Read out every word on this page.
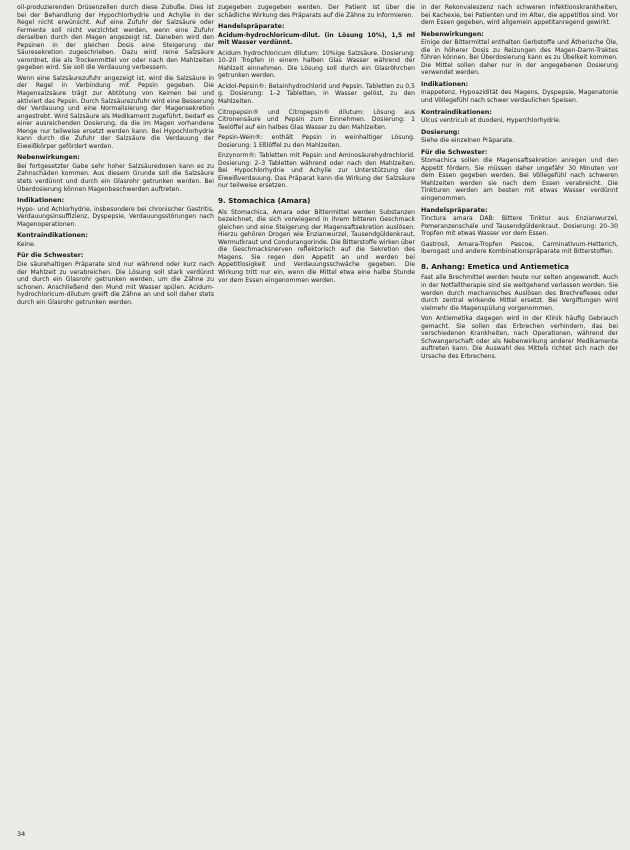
oil-produzierenden Drüsenzellen durch diese Zubuße. Dies ist bei der Behandlung der Hypochlorhydrie und Achylie in der Regel nicht erwünscht. Auf eine Zufuhr der Salzsäure oder Fermente soll nicht verzichtet werden, wenn eine Zufuhr derselben durch den Magen angezeigt ist. Daneben wird den Pepsinen in der gleichen Dosis eine Steigerung der Säuresekretion zugeschrieben. Dazu wird reine Salzsäure verordnet, die als Trockenmittel vor oder nach den Mahlzeiten gegeben wird. Sie soll die Verdauung verbessern.

Wenn eine Salzsäurezufuhr angezeigt ist, wird die Salzsäure in der Regel in Verbindung mit Pepsin gegeben. Die Magensalzsäure trägt zur Abtötung von Keimen bei und aktiviert das Pepsin. Durch Salzsäurezufuhr wird eine Besserung der Verdauung und eine Normalisierung der Magensekretion angestrebt. Wird Salzsäure als Medikament zugeführt, bedarf es einer ausreichenden Dosierung, da die im Magen vorhandene Menge nur teilweise ersetzt werden kann. Bei Hypochlorhydrie kann durch die Zufuhr der Salzsäure die Verdauung der Eiweißkörper gefördert werden.

Nebenwirkungen:

Bei fortgesetzter Gabe sehr hoher Salzsäuredosen kann es zu Zahnschäden kommen. Aus diesem Grunde soll die Salzsäure stets verdünnt und durch ein Glasrohr getrunken werden. Bei Überdosierung können Magenbeschwerden auftreten.

Indikationen:

Hypo- und Achlorhydrie, insbesondere bei chronischer Gastritis, Verdauungsinsuffizienz, Dyspepsie, Verdauungsstörungen nach Magenoperationen.

Kontraindikationen:

Keine.

Für die Schwester:

Die säurehaltigen Präparate sind nur während oder kurz nach der Mahlzeit zu verabreichen. Die Lösung soll stark verdünnt und durch ein Glasrohr getrunken werden, um die Zähne zu schonen. Anschließend den Mund mit Wasser spülen. Acidum-hydrochloricum-dilutum greift die Zähne an und soll daher stets durch ein Glasrohr getrunken werden.

zugegeben zugegeben werden. Der Patient ist über die schädliche Wirkung des Präparats auf die Zähne zu informieren.

Handelspräparate:

Acidum-hydrochloricum-dilut. (in Lösung 10%), 1,5 ml mit Wasser verdünnt.

Acidum hydrochloricum dilutum: 10%ige Salzsäure. Dosierung: 10–20 Tropfen in einem halben Glas Wasser während der Mahlzeit einnehmen. Die Lösung soll durch ein Glasröhrchen getrunken werden.

Acidol-Pepsin®: Betainhydrochlorid und Pepsin. Tabletten zu 0,5 g. Dosierung: 1–2 Tabletten, in Wasser gelöst, zu den Mahlzeiten.

Citropepsin® und Citropepsin® dilutum: Lösung aus Citronensäure und Pepsin zum Einnehmen. Dosierung: 1 Teelöffel auf ein halbes Glas Wasser zu den Mahlzeiten.

Pepsin-Wein®: enthält Pepsin in weinhaltiger Lösung. Dosierung: 1 Eßlöffel zu den Mahlzeiten.

Enzynorm®: Tabletten mit Pepsin und Aminosäurehydrochlorid. Dosierung: 2–3 Tabletten während oder nach den Mahlzeiten. Bei Hypochlorhydrie und Achylie zur Unterstützung der Eiweißverdauung. Das Präparat kann die Wirkung der Salzsäure nur teilweise ersetzen.

9. Stomachica (Amara)

Als Stomachica, Amara oder Bittermittel werden Substanzen bezeichnet, die sich vorwiegend in ihrem bitteren Geschmack gleichen und eine Steigerung der Magensaftsekretion auslösen. Hierzu gehören Drogen wie Enzianwurzel, Tausendgüldenkraut, Wermutkraut und Condurangorinde. Die Bitterstoffe wirken über die Geschmacksnerven reflektorisch auf die Sekretion des Magens. Sie regen den Appetit an und werden bei Appetitlosigkeit und Verdauungsschwäche gegeben. Die Wirkung tritt nur ein, wenn die Mittel etwa eine halbe Stunde vor dem Essen eingenommen werden.

in der Rekonvaleszenz nach schweren Infektionskrankheiten, bei Kachexie, bei Patienten und im Alter, die appetitlos sind. Vor dem Essen gegeben, wird allgemein appetitanregend gewirkt.

Nebenwirkungen:

Einige der Bittermittel enthalten Gerbstoffe und Ätherische Öle, die in höherer Dosis zu Reizungen des Magen-Darm-Traktes führen können. Bei Überdosierung kann es zu Übelkeit kommen. Die Mittel sollen daher nur in der angegebenen Dosierung verwendet werden.

Indikationen:

Inappetenz, Hypoazidität des Magens, Dyspepsie, Magenatonie und Völlegefühl nach schwer verdaulichen Speisen.

Kontraindikationen:

Ulcus ventriculi et duodeni, Hyperchlorhydrie.

Dosierung:

Siehe die einzelnen Präparate.

Für die Schwester:

Stomachica sollen die Magensaftsekretion anregen und den Appetit fördern. Sie müssen daher ungefähr 30 Minuten vor dem Essen gegeben werden. Bei Völlegefühl nach schweren Mahlzeiten werden sie nach dem Essen verabreicht. Die Tinkturen werden am besten mit etwas Wasser verdünnt eingenommen.

Handelspräparate:

Tinctura amara DAB: Bittere Tinktur aus Enzianwurzel, Pomeranzenschale und Tausendgüldenkraut. Dosierung: 20–30 Tropfen mit etwas Wasser vor dem Essen.

Gastrosil, Amara-Tropfen Pascoe, Carminativum-Hetterich, Iberogast und andere Kombinationspräparate mit Bitterstoffen.

8. Anhang: Emetica und Antiemetica

Fast alle Brechmittel werden heute nur selten angewandt. Auch in der Notfalltherapie sind sie weitgehend verlassen worden. Sie werden durch mechanisches Auslösen des Brechreflexes oder durch zentral wirkende Mittel ersetzt. Bei Vergiftungen wird vielmehr die Magenspülung vorgenommen.

Von Antiemetika dagegen wird in der Klinik häufig Gebrauch gemacht. Sie sollen das Erbrechen verhindern, das bei verschiedenen Krankheiten, nach Operationen, während der Schwangerschaft oder als Nebenwirkung anderer Medikamente auftreten kann. Die Auswahl des Mittels richtet sich nach der Ursache des Erbrechens.

34
